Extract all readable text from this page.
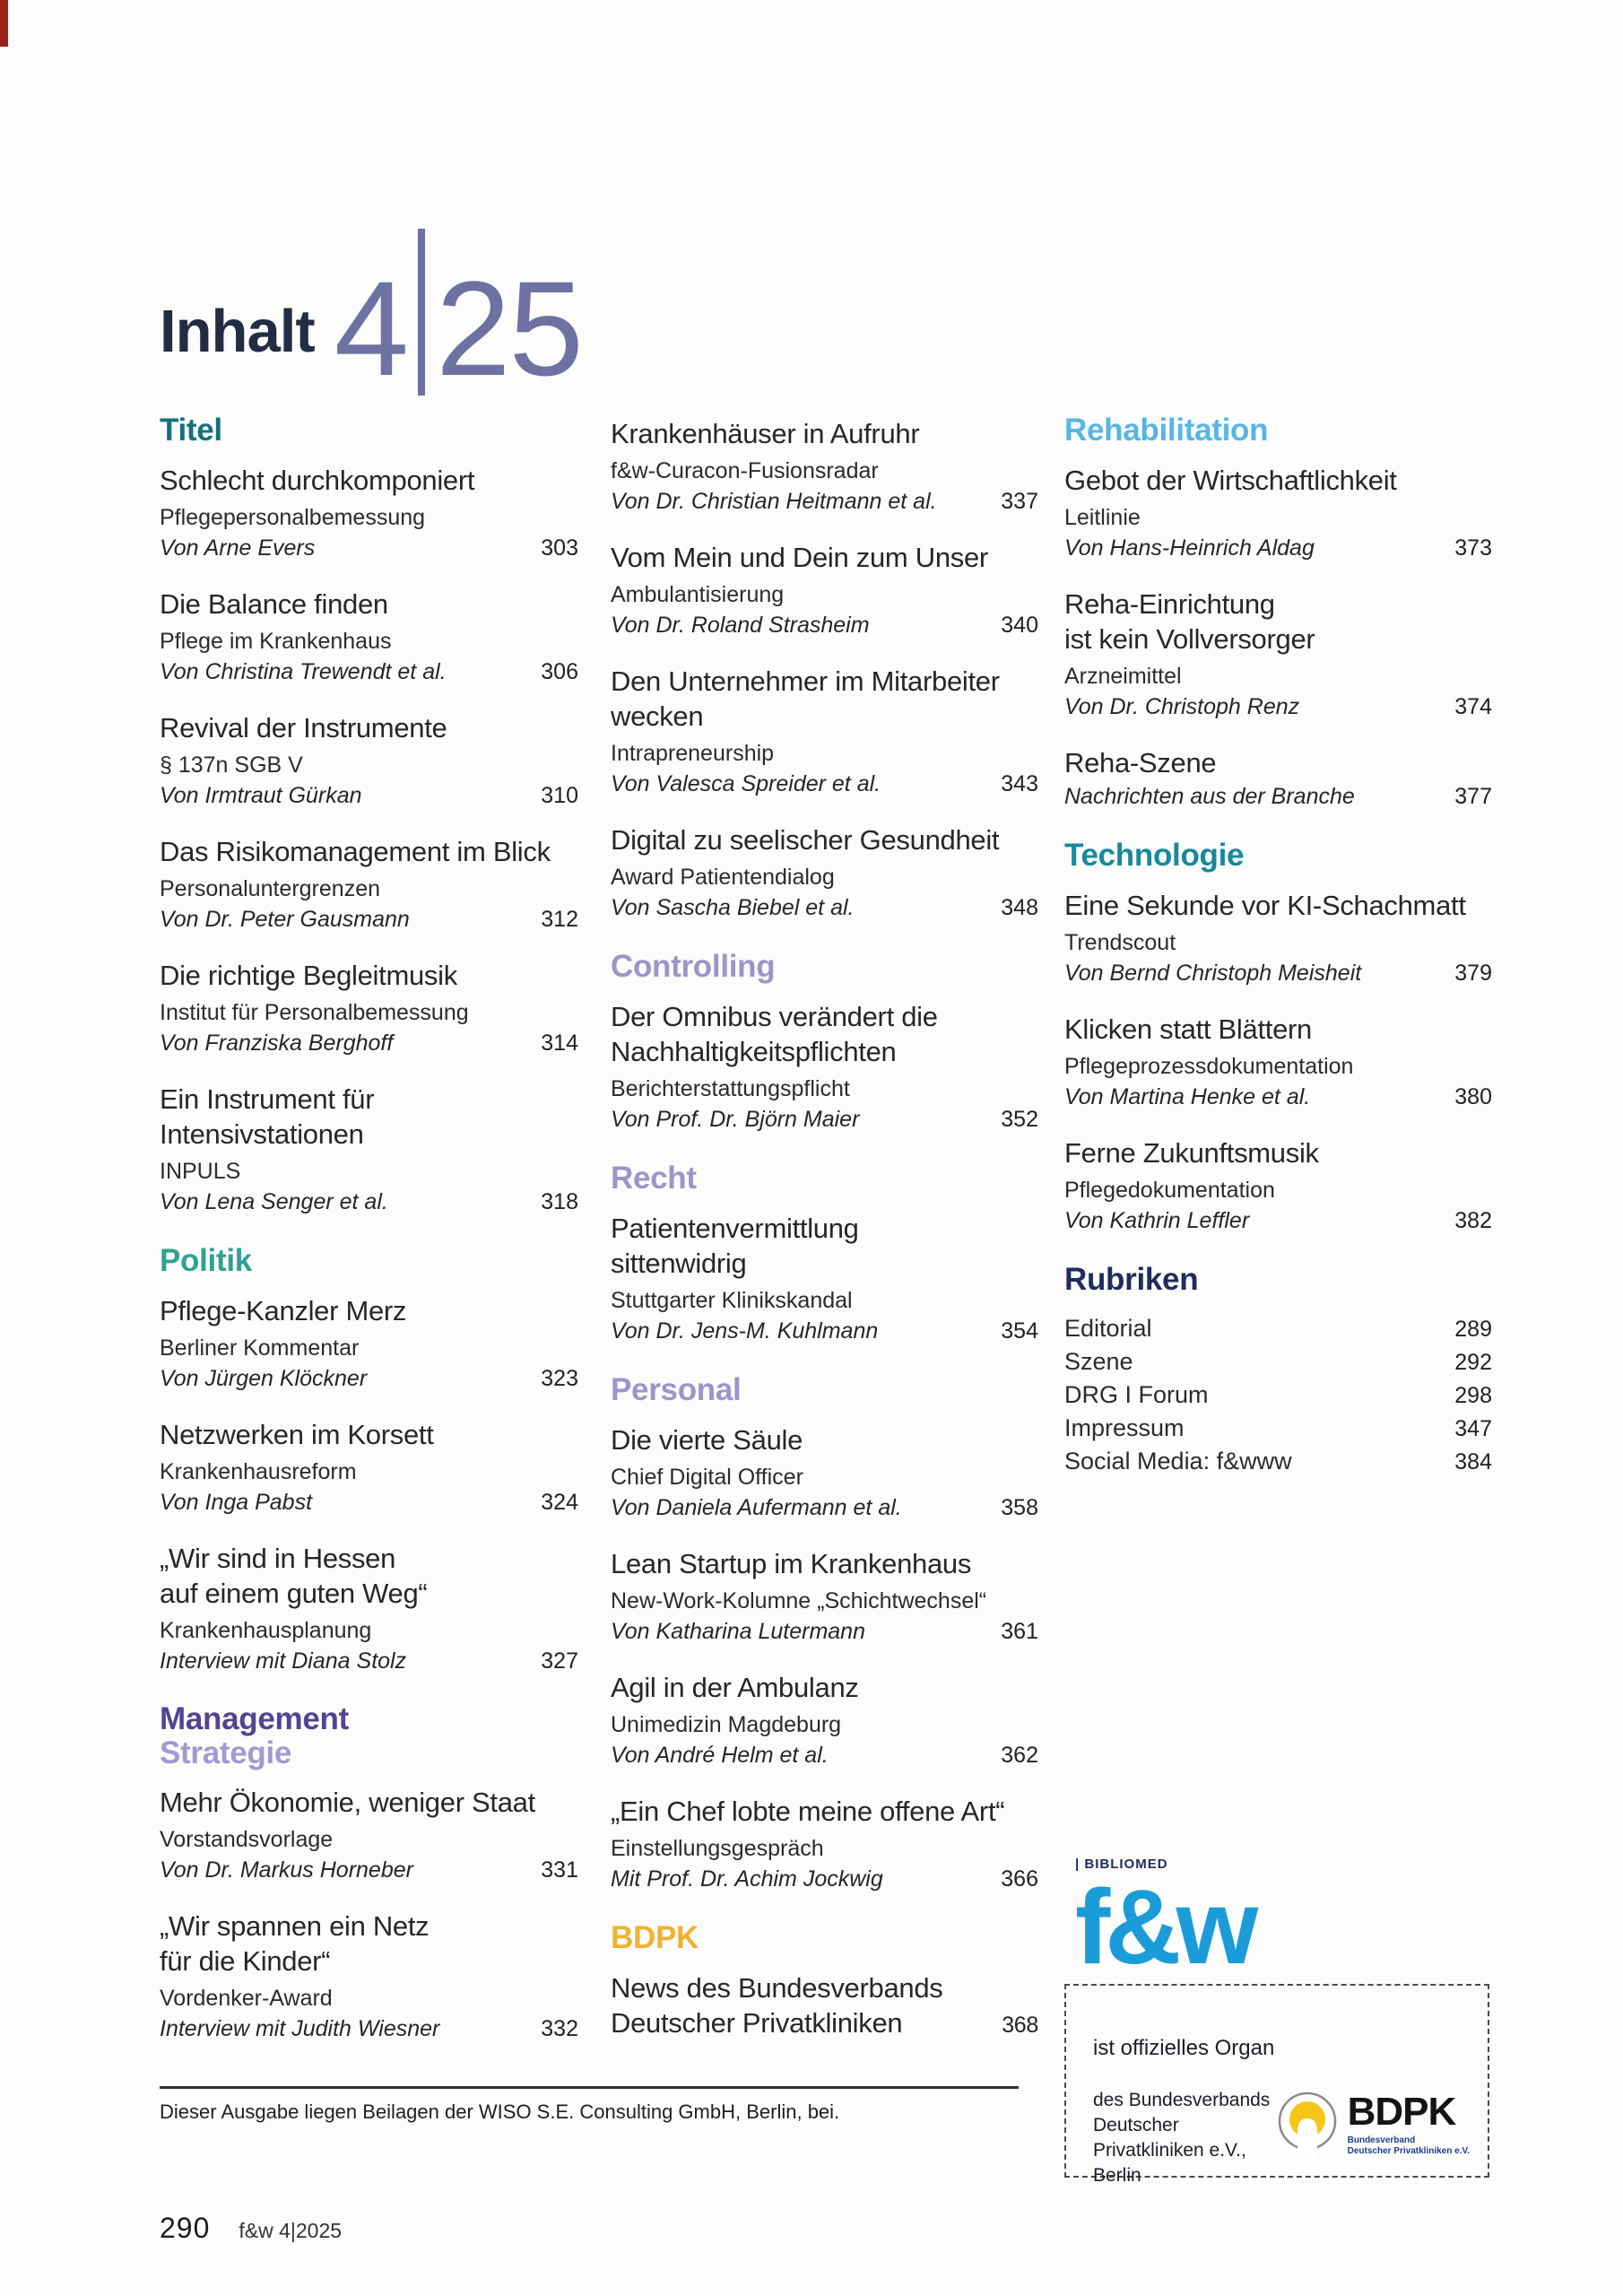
Inhalt 4 25
Titel
Schlecht durchkomponiert
Pflegepersonalbemessung
Von Arne Evers	303
Die Balance finden
Pflege im Krankenhaus
Von Christina Trewendt et al.	306
Revival der Instrumente
§ 137n SGB V
Von Irmtraut Gürkan	310
Das Risikomanagement im Blick
Personaluntergrenzen
Von Dr. Peter Gausmann	312
Die richtige Begleitmusik
Institut für Personalbemessung
Von Franziska Berghoff	314
Ein Instrument für
Intensivstationen
INPULS
Von Lena Senger et al.	318
Politik
Pflege-Kanzler Merz
Berliner Kommentar
Von Jürgen Klöckner	323
Netzwerken im Korsett
Krankenhausreform
Von Inga Pabst	324
„Wir sind in Hessen
auf einem guten Weg“
Krankenhausplanung
Interview mit Diana Stolz	327
Management
Strategie
Mehr Ökonomie, weniger Staat
Vorstandsvorlage
Von Dr. Markus Horneber	331
„Wir spannen ein Netz
für die Kinder“
Vordenker-Award
Interview mit Judith Wiesner	332
Krankenhäuser in Aufruhr
f&w-Curacon-Fusionsradar
Von Dr. Christian Heitmann et al.	337
Vom Mein und Dein zum Unser
Ambulantisierung
Von Dr. Roland Strasheim	340
Den Unternehmer im Mitarbeiter
wecken
Intrapreneurship
Von Valesca Spreider et al.	343
Digital zu seelischer Gesundheit
Award Patientendialog
Von Sascha Biebel et al.	348
Controlling
Der Omnibus verändert die
Nachhaltigkeitspflichten
Berichterstattungspflicht
Von Prof. Dr. Björn Maier	352
Recht
Patientenvermittlung
sittenwidrig
Stuttgarter Klinikskandal
Von Dr. Jens-M. Kuhlmann	354
Personal
Die vierte Säule
Chief Digital Officer
Von Daniela Aufermann et al.	358
Lean Startup im Krankenhaus
New-Work-Kolumne „Schichtwechsel“
Von Katharina Lutermann	361
Agil in der Ambulanz
Unimedizin Magdeburg
Von André Helm et al.	362
„Ein Chef lobte meine offene Art“
Einstellungsgespräch
Mit Prof. Dr. Achim Jockwig	366
BDPK
News des Bundesverbands
Deutscher Privatkliniken	368
Rehabilitation
Gebot der Wirtschaftlichkeit
Leitlinie
Von Hans-Heinrich Aldag	373
Reha-Einrichtung
ist kein Vollversorger
Arzneimittel
Von Dr. Christoph Renz	374
Reha-Szene
Nachrichten aus der Branche	377
Technologie
Eine Sekunde vor KI-Schachmatt
Trendscout
Von Bernd Christoph Meisheit	379
Klicken statt Blättern
Pflegeprozessdokumentation
Von Martina Henke et al.	380
Ferne Zukunftsmusik
Pflegedokumentation
Von Kathrin Leffler	382
Rubriken
Editorial	289
Szene	292
DRG I Forum	298
Impressum	347
Social Media: f&www	384
| BIBLIOMED
f&w
ist offizielles Organ
des Bundesverbands
Deutscher Privatkliniken e.V.,
Berlin
BDPK
Bundesverband
Deutscher Privatkliniken e.V.
Dieser Ausgabe liegen Beilagen der WISO S.E. Consulting GmbH, Berlin, bei.
290 f&w 4|2025
